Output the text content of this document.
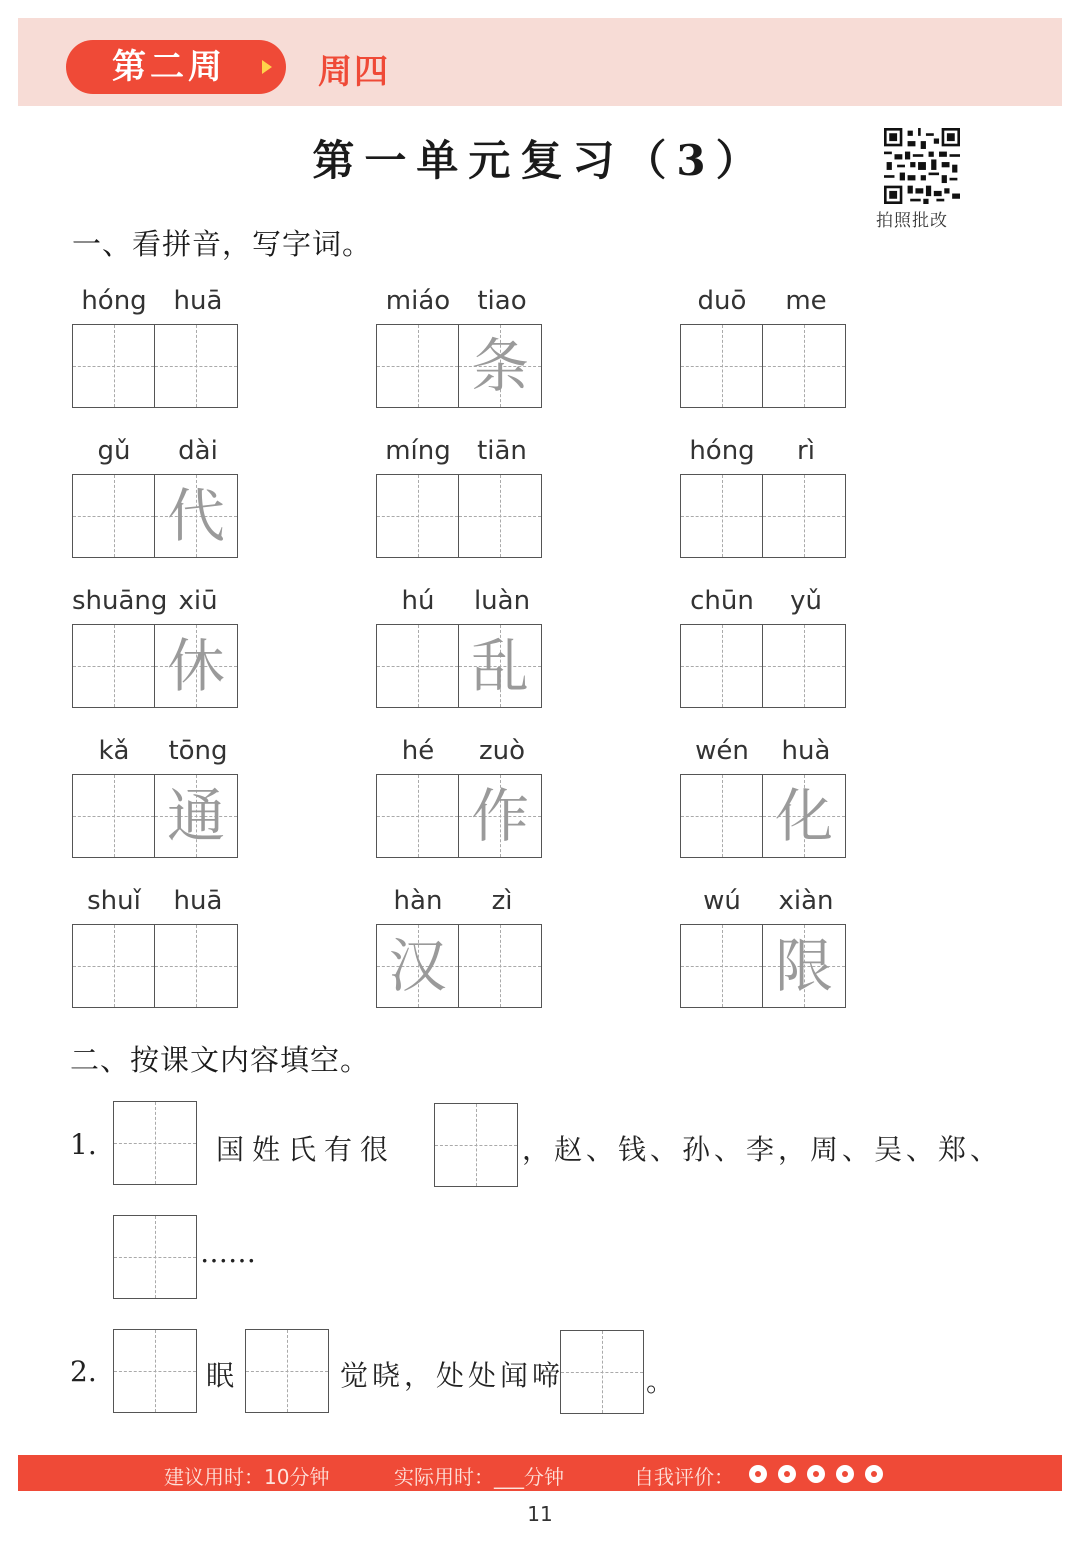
第二周	周四
第一单元复习（3）
拍照批改
一、看拼音，写字词。
hóng	huā	miáo	tiao
条
duō	me
gǔ	dài
代
míng	tiān	hóng	rì
shuāng xiū
休
hú	luàn
乱
chūn	yǔ
kǎ	tōng
通
hé	zuò
作
wén	huà
化
shuǐ	huā	hàn	zì
汉
wú	xiàn
限
二、按课文内容填空。
1.	国姓氏有很	，赵、钱、孙、李，周、吴、郑、
……
2.	眠	觉晓，处处闻啼	。
建议用时：10分钟	实际用时：___分钟	自我评价：
11
